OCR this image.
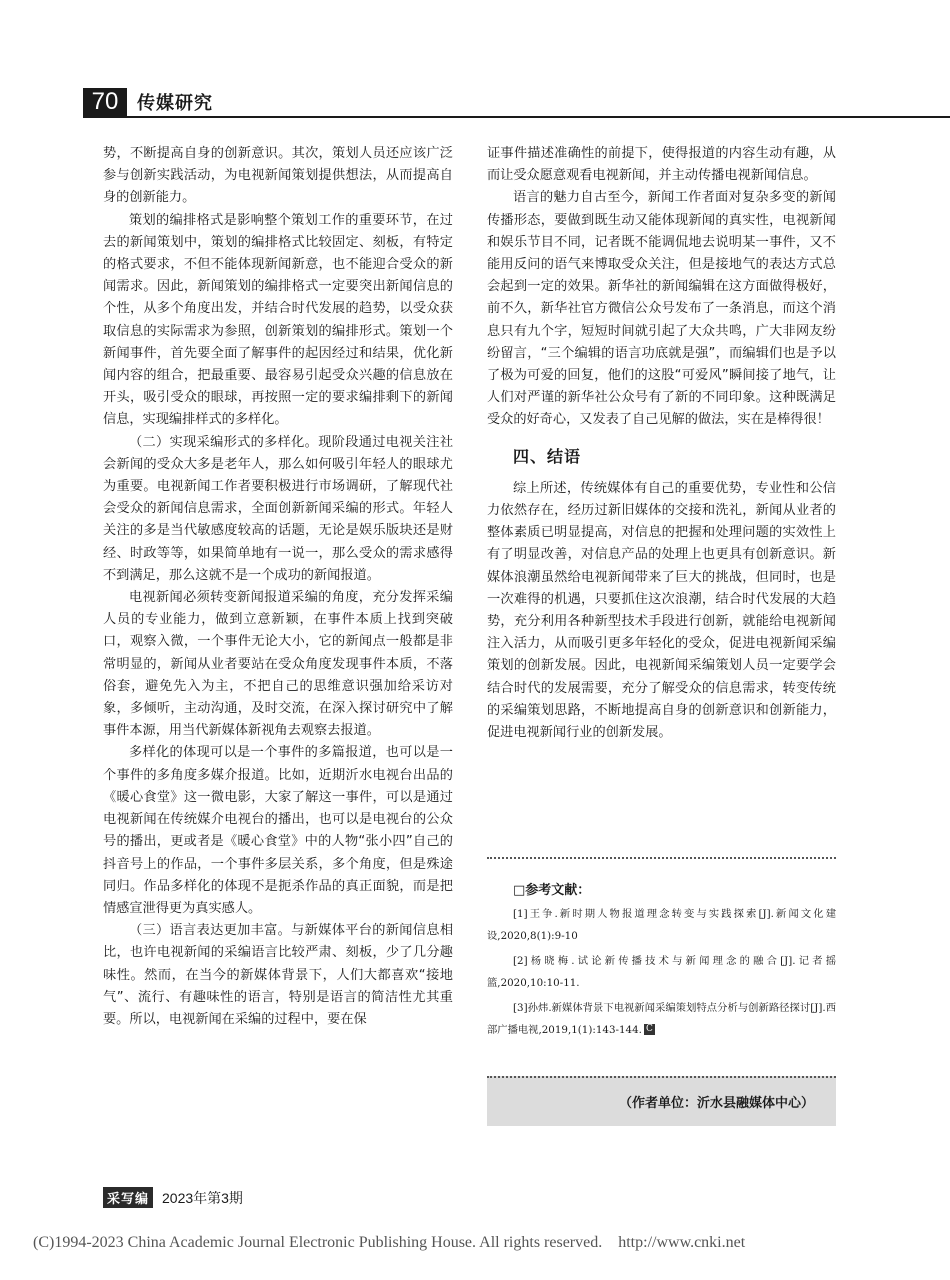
70	传媒研究

势，不断提高自身的创新意识。其次，策划人员还应该广泛参与创新实践活动，为电视新闻策划提供想法，从而提高自身的创新能力。

策划的编排格式是影响整个策划工作的重要环节，在过去的新闻策划中，策划的编排格式比较固定、刻板，有特定的格式要求，不但不能体现新闻新意，也不能迎合受众的新闻需求。因此，新闻策划的编排格式一定要突出新闻信息的个性，从多个角度出发，并结合时代发展的趋势，以受众获取信息的实际需求为参照，创新策划的编排形式。策划一个新闻事件，首先要全面了解事件的起因经过和结果，优化新闻内容的组合，把最重要、最容易引起受众兴趣的信息放在开头，吸引受众的眼球，再按照一定的要求编排剩下的新闻信息，实现编排样式的多样化。

（二）实现采编形式的多样化。现阶段通过电视关注社会新闻的受众大多是老年人，那么如何吸引年轻人的眼球尤为重要。电视新闻工作者要积极进行市场调研，了解现代社会受众的新闻信息需求，全面创新新闻采编的形式。年轻人关注的多是当代敏感度较高的话题，无论是娱乐版块还是财经、时政等等，如果简单地有一说一，那么受众的需求感得不到满足，那么这就不是一个成功的新闻报道。

电视新闻必须转变新闻报道采编的角度，充分发挥采编人员的专业能力，做到立意新颖，在事件本质上找到突破口，观察入微，一个事件无论大小，它的新闻点一般都是非常明显的，新闻从业者要站在受众角度发现事件本质，不落俗套，避免先入为主，不把自己的思维意识强加给采访对象，多倾听，主动沟通，及时交流，在深入探讨研究中了解事件本源，用当代新媒体新视角去观察去报道。

多样化的体现可以是一个事件的多篇报道，也可以是一个事件的多角度多媒介报道。比如，近期沂水电视台出品的《暖心食堂》这一微电影，大家了解这一事件，可以是通过电视新闻在传统媒介电视台的播出，也可以是电视台的公众号的播出，更或者是《暖心食堂》中的人物“张小四”自己的抖音号上的作品，一个事件多层关系，多个角度，但是殊途同归。作品多样化的体现不是扼杀作品的真正面貌，而是把情感宣泄得更为真实感人。

（三）语言表达更加丰富。与新媒体平台的新闻信息相比，也许电视新闻的采编语言比较严肃、刻板，少了几分趣味性。然而，在当今的新媒体背景下，人们大都喜欢“接地气”、流行、有趣味性的语言，特别是语言的简洁性尤其重要。所以，电视新闻在采编的过程中，要在保

证事件描述准确性的前提下，使得报道的内容生动有趣，从而让受众愿意观看电视新闻，并主动传播电视新闻信息。

语言的魅力自古至今，新闻工作者面对复杂多变的新闻传播形态，要做到既生动又能体现新闻的真实性，电视新闻和娱乐节目不同，记者既不能调侃地去说明某一事件，又不能用反问的语气来博取受众关注，但是接地气的表达方式总会起到一定的效果。新华社的新闻编辑在这方面做得极好，前不久，新华社官方微信公众号发布了一条消息，而这个消息只有九个字，短短时间就引起了大众共鸣，广大非网友纷纷留言，“三个编辑的语言功底就是强”，而编辑们也是予以了极为可爱的回复，他们的这股“可爱风”瞬间接了地气，让人们对严谨的新华社公众号有了新的不同印象。这种既满足受众的好奇心，又发表了自己见解的做法，实在是棒得很！

四、结语

综上所述，传统媒体有自己的重要优势，专业性和公信力依然存在，经历过新旧媒体的交接和洗礼，新闻从业者的整体素质已明显提高，对信息的把握和处理问题的实效性上有了明显改善，对信息产品的处理上也更具有创新意识。新媒体浪潮虽然给电视新闻带来了巨大的挑战，但同时，也是一次难得的机遇，只要抓住这次浪潮，结合时代发展的大趋势，充分利用各种新型技术手段进行创新，就能给电视新闻注入活力，从而吸引更多年轻化的受众，促进电视新闻采编策划的创新发展。因此，电视新闻采编策划人员一定要学会结合时代的发展需要，充分了解受众的信息需求，转变传统的采编策划思路，不断地提高自身的创新意识和创新能力，促进电视新闻行业的创新发展。

□参考文献：

[1]王争.新时期人物报道理念转变与实践探索[J].新闻文化建设,2020,8(1):9-10

[2]杨晓梅.试论新传播技术与新闻理念的融合[J].记者摇篮,2020,10:10-11.

[3]孙炜.新媒体背景下电视新闻采编策划特点分析与创新路径探讨[J].西部广播电视,2019,1(1):143-144. C

（作者单位：沂水县融媒体中心）
采写编 2023年第3期
(C)1994-2023 China Academic Journal Electronic Publishing House. All rights reserved.    http://www.cnki.net
